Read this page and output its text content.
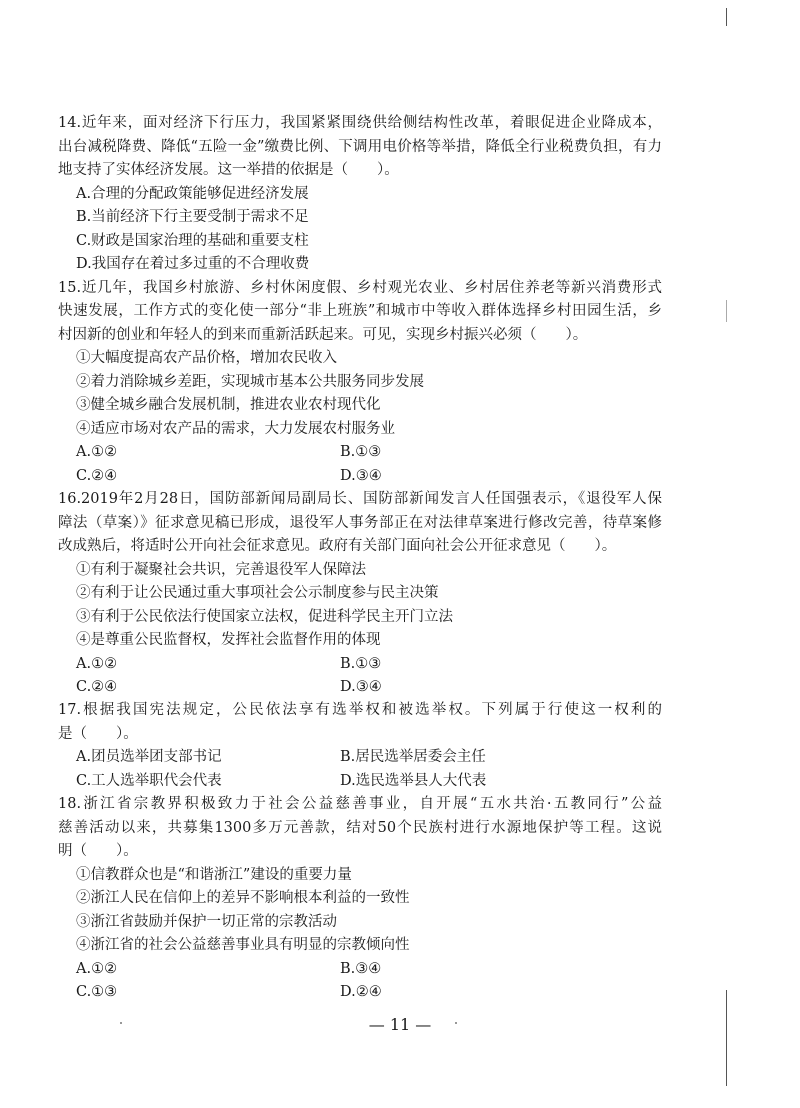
14.近年来，面对经济下行压力，我国紧紧围绕供给侧结构性改革，着眼促进企业降成本，
出台减税降费、降低“五险一金”缴费比例、下调用电价格等举措，降低全行业税费负担，有力
地支持了实体经济发展。这一举措的依据是（　　）。
A.合理的分配政策能够促进经济发展
B.当前经济下行主要受制于需求不足
C.财政是国家治理的基础和重要支柱
D.我国存在着过多过重的不合理收费
15.近几年，我国乡村旅游、乡村休闲度假、乡村观光农业、乡村居住养老等新兴消费形式
快速发展，工作方式的变化使一部分“非上班族”和城市中等收入群体选择乡村田园生活，乡
村因新的创业和年轻人的到来而重新活跃起来。可见，实现乡村振兴必须（　　）。
①大幅度提高农产品价格，增加农民收入
②着力消除城乡差距，实现城市基本公共服务同步发展
③健全城乡融合发展机制，推进农业农村现代化
④适应市场对农产品的需求，大力发展农村服务业
A.①②	B.①③
C.②④	D.③④
16.2019年2月28日，国防部新闻局副局长、国防部新闻发言人任国强表示，《退役军人保
障法（草案）》征求意见稿已形成，退役军人事务部正在对法律草案进行修改完善，待草案修
改成熟后，将适时公开向社会征求意见。政府有关部门面向社会公开征求意见（　　）。
①有利于凝聚社会共识，完善退役军人保障法
②有利于让公民通过重大事项社会公示制度参与民主决策
③有利于公民依法行使国家立法权，促进科学民主开门立法
④是尊重公民监督权，发挥社会监督作用的体现
A.①②	B.①③
C.②④	D.③④
17.根据我国宪法规定，公民依法享有选举权和被选举权。下列属于行使这一权利的
是（　　）。
A.团员选举团支部书记	B.居民选举居委会主任
C.工人选举职代会代表	D.选民选举县人大代表
18.浙江省宗教界积极致力于社会公益慈善事业，自开展“五水共治·五教同行”公益
慈善活动以来，共募集1300多万元善款，结对50个民族村进行水源地保护等工程。这说
明（　　）。
①信教群众也是“和谐浙江”建设的重要力量
②浙江人民在信仰上的差异不影响根本利益的一致性
③浙江省鼓励并保护一切正常的宗教活动
④浙江省的社会公益慈善事业具有明显的宗教倾向性
A.①②	B.③④
C.①③	D.②④
— 11 —
